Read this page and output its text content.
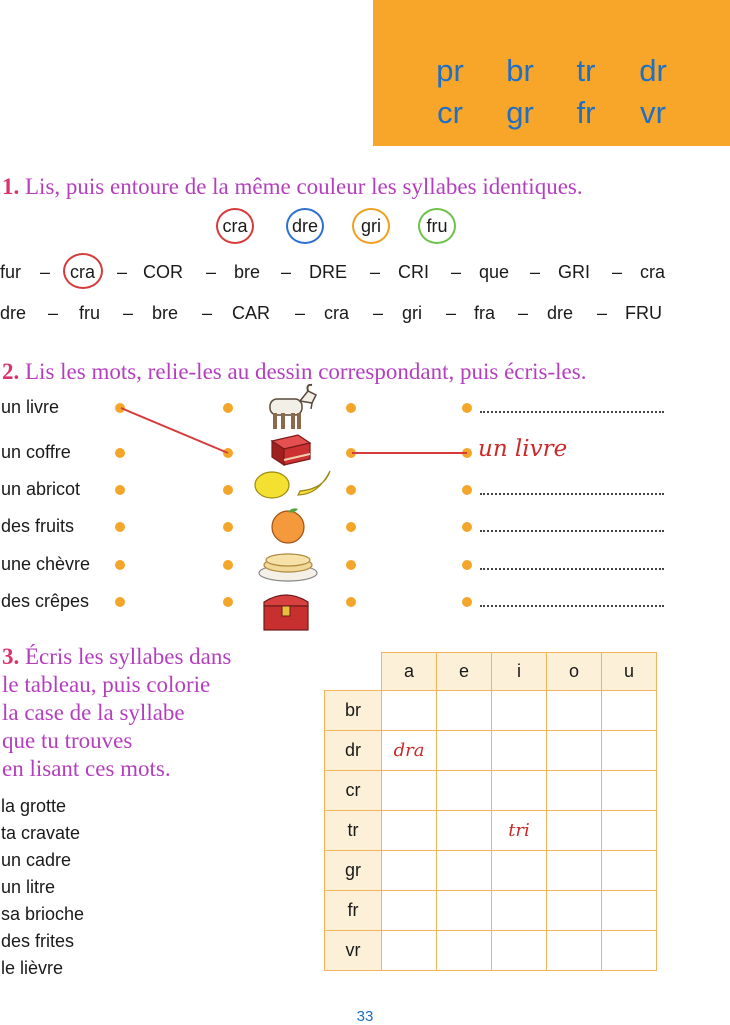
pr	br	tr	dr
cr	gr	fr	vr
1. Lis, puis entoure de la même couleur les syllabes identiques.
cra	dre	gri	fru
fur – cra – COR – bre – DRE – CRI – que – GRI – cra
dre – fru – bre – CAR – cra – gri – fra – dre – FRU
2. Lis les mots, relie-les au dessin correspondant, puis écris-les.
un livre
un coffre
un abricot
des fruits
une chèvre
des crêpes
un livre
3. Écris les syllabes dans
le tableau, puis colorie
la case de la syllabe
que tu trouves
en lisant ces mots.
la grotte
ta cravate
un cadre
un litre
sa brioche
des frites
le lièvre
	a	e	i	o	u
br					
dr	dra				
cr					
tr			tri		
gr					
fr					
vr					
33
